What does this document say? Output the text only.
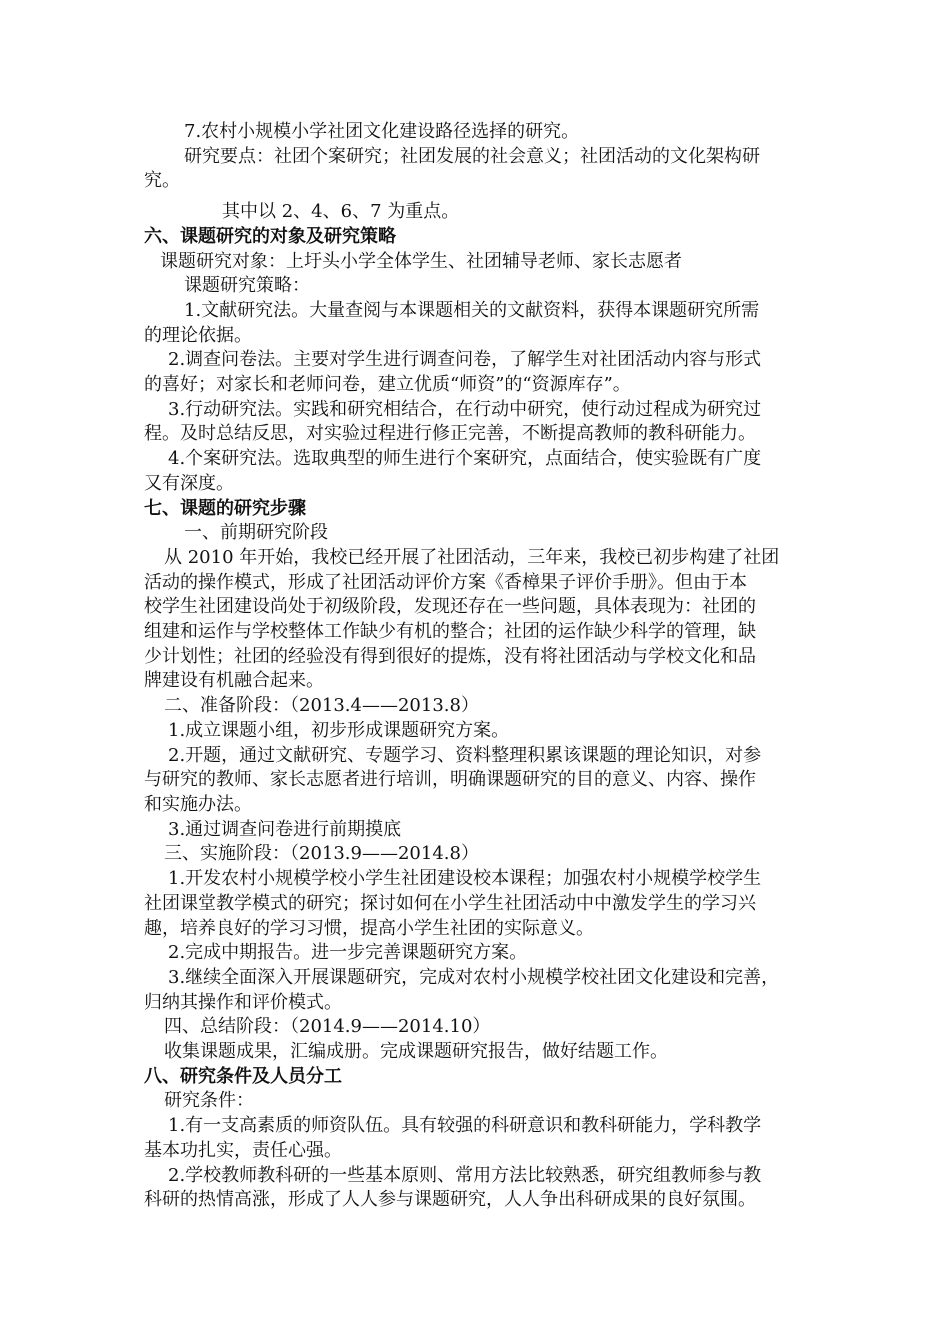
7.农村小规模小学社团文化建设路径选择的研究。

研究要点：社团个案研究；社团发展的社会意义；社团活动的文化架构研

究。

其中以 2、4、6、7 为重点。

六、课题研究的对象及研究策略

课题研究对象：上圩头小学全体学生、社团辅导老师、家长志愿者

课题研究策略：

1.文献研究法。大量查阅与本课题相关的文献资料，获得本课题研究所需

的理论依据。

2.调查问卷法。主要对学生进行调查问卷，了解学生对社团活动内容与形式

的喜好；对家长和老师问卷，建立优质“师资”的“资源库存”。

3.行动研究法。实践和研究相结合，在行动中研究，使行动过程成为研究过

程。及时总结反思，对实验过程进行修正完善，不断提高教师的教科研能力。

4.个案研究法。选取典型的师生进行个案研究，点面结合，使实验既有广度

又有深度。

七、课题的研究步骤

一、前期研究阶段

从 2010 年开始，我校已经开展了社团活动，三年来，我校已初步构建了社团

活动的操作模式，形成了社团活动评价方案《香樟果子评价手册》。但由于本

校学生社团建设尚处于初级阶段，发现还存在一些问题，具体表现为：社团的

组建和运作与学校整体工作缺少有机的整合；社团的运作缺少科学的管理，缺

少计划性；社团的经验没有得到很好的提炼，没有将社团活动与学校文化和品

牌建设有机融合起来。

二、准备阶段：（2013.4——2013.8）

1.成立课题小组，初步形成课题研究方案。

2.开题，通过文献研究、专题学习、资料整理积累该课题的理论知识，对参

与研究的教师、家长志愿者进行培训，明确课题研究的目的意义、内容、操作

和实施办法。

3.通过调查问卷进行前期摸底

三、实施阶段：（2013.9——2014.8）

1.开发农村小规模学校小学生社团建设校本课程；加强农村小规模学校学生

社团课堂教学模式的研究；探讨如何在小学生社团活动中中激发学生的学习兴

趣，培养良好的学习习惯，提高小学生社团的实际意义。

2.完成中期报告。进一步完善课题研究方案。

3.继续全面深入开展课题研究，完成对农村小规模学校社团文化建设和完善，

归纳其操作和评价模式。

四、总结阶段：（2014.9——2014.10）

收集课题成果，汇编成册。完成课题研究报告，做好结题工作。

八、研究条件及人员分工

研究条件：

1.有一支高素质的师资队伍。具有较强的科研意识和教科研能力，学科教学

基本功扎实，责任心强。

2.学校教师教科研的一些基本原则、常用方法比较熟悉，研究组教师参与教

科研的热情高涨，形成了人人参与课题研究，人人争出科研成果的良好氛围。
